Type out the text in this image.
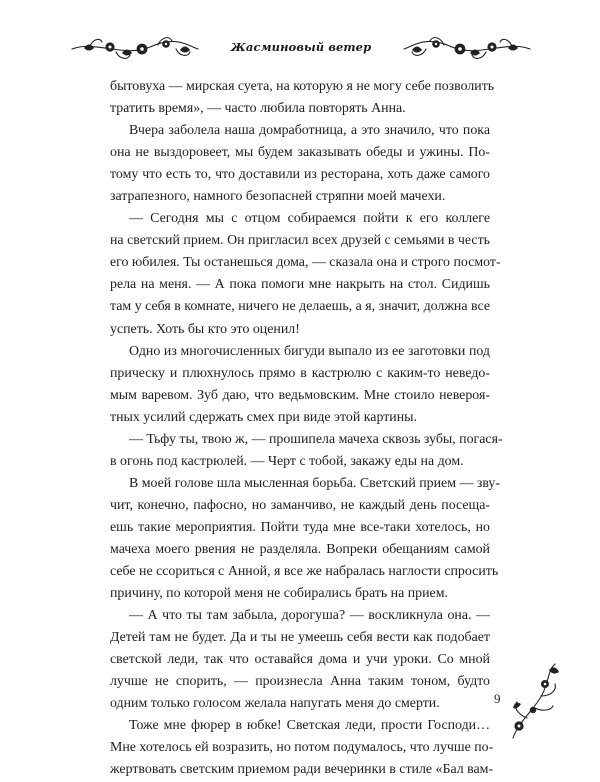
Жасминовый ветер
бытовуха — мирская суета, на которую я не могу себе позволить
тратить время», — часто любила повторять Анна.
Вчера заболела наша домработница, а это значило, что пока
она не выздоровеет, мы будем заказывать обеды и ужины. По-
тому что есть то, что доставили из ресторана, хоть даже самого
затрапезного, намного безопасней стряпни моей мачехи.
— Сегодня мы с отцом собираемся пойти к его коллеге
на светский прием. Он пригласил всех друзей с семьями в честь
его юбилея. Ты останешься дома, — сказала она и строго посмот-
рела на меня. — А пока помоги мне накрыть на стол. Сидишь
там у себя в комнате, ничего не делаешь, а я, значит, должна все
успеть. Хоть бы кто это оценил!
Одно из многочисленных бигуди выпало из ее заготовки под
прическу и плюхнулось прямо в кастрюлю с каким-то неведо-
мым варевом. Зуб даю, что ведьмовским. Мне стоило невероя-
тных усилий сдержать смех при виде этой картины.
— Тьфу ты, твою ж, — прошипела мачеха сквозь зубы, погася-
в огонь под кастрюлей. — Черт с тобой, закажу еды на дом.
В моей голове шла мысленная борьба. Светский прием — зву-
чит, конечно, пафосно, но заманчиво, не каждый день посеща-
ешь такие мероприятия. Пойти туда мне все-таки хотелось, но
мачеха моего рвения не разделяла. Вопреки обещаниям самой
себе не ссориться с Анной, я все же набралась наглости спросить
причину, по которой меня не собирались брать на прием.
— А что ты там забыла, дорогуша? — воскликнула она. —
Детей там не будет. Да и ты не умеешь себя вести как подобает
светской леди, так что оставайся дома и учи уроки. Со мной
лучше не спорить, — произнесла Анна таким тоном, будто
одним только голосом желала напугать меня до смерти.
Тоже мне фюрер в юбке! Светская леди, прости Господи…
Мне хотелось ей возразить, но потом подумалось, что лучше по-
жертвовать светским приемом ради вечеринки в стиле «Бал вам-
9
